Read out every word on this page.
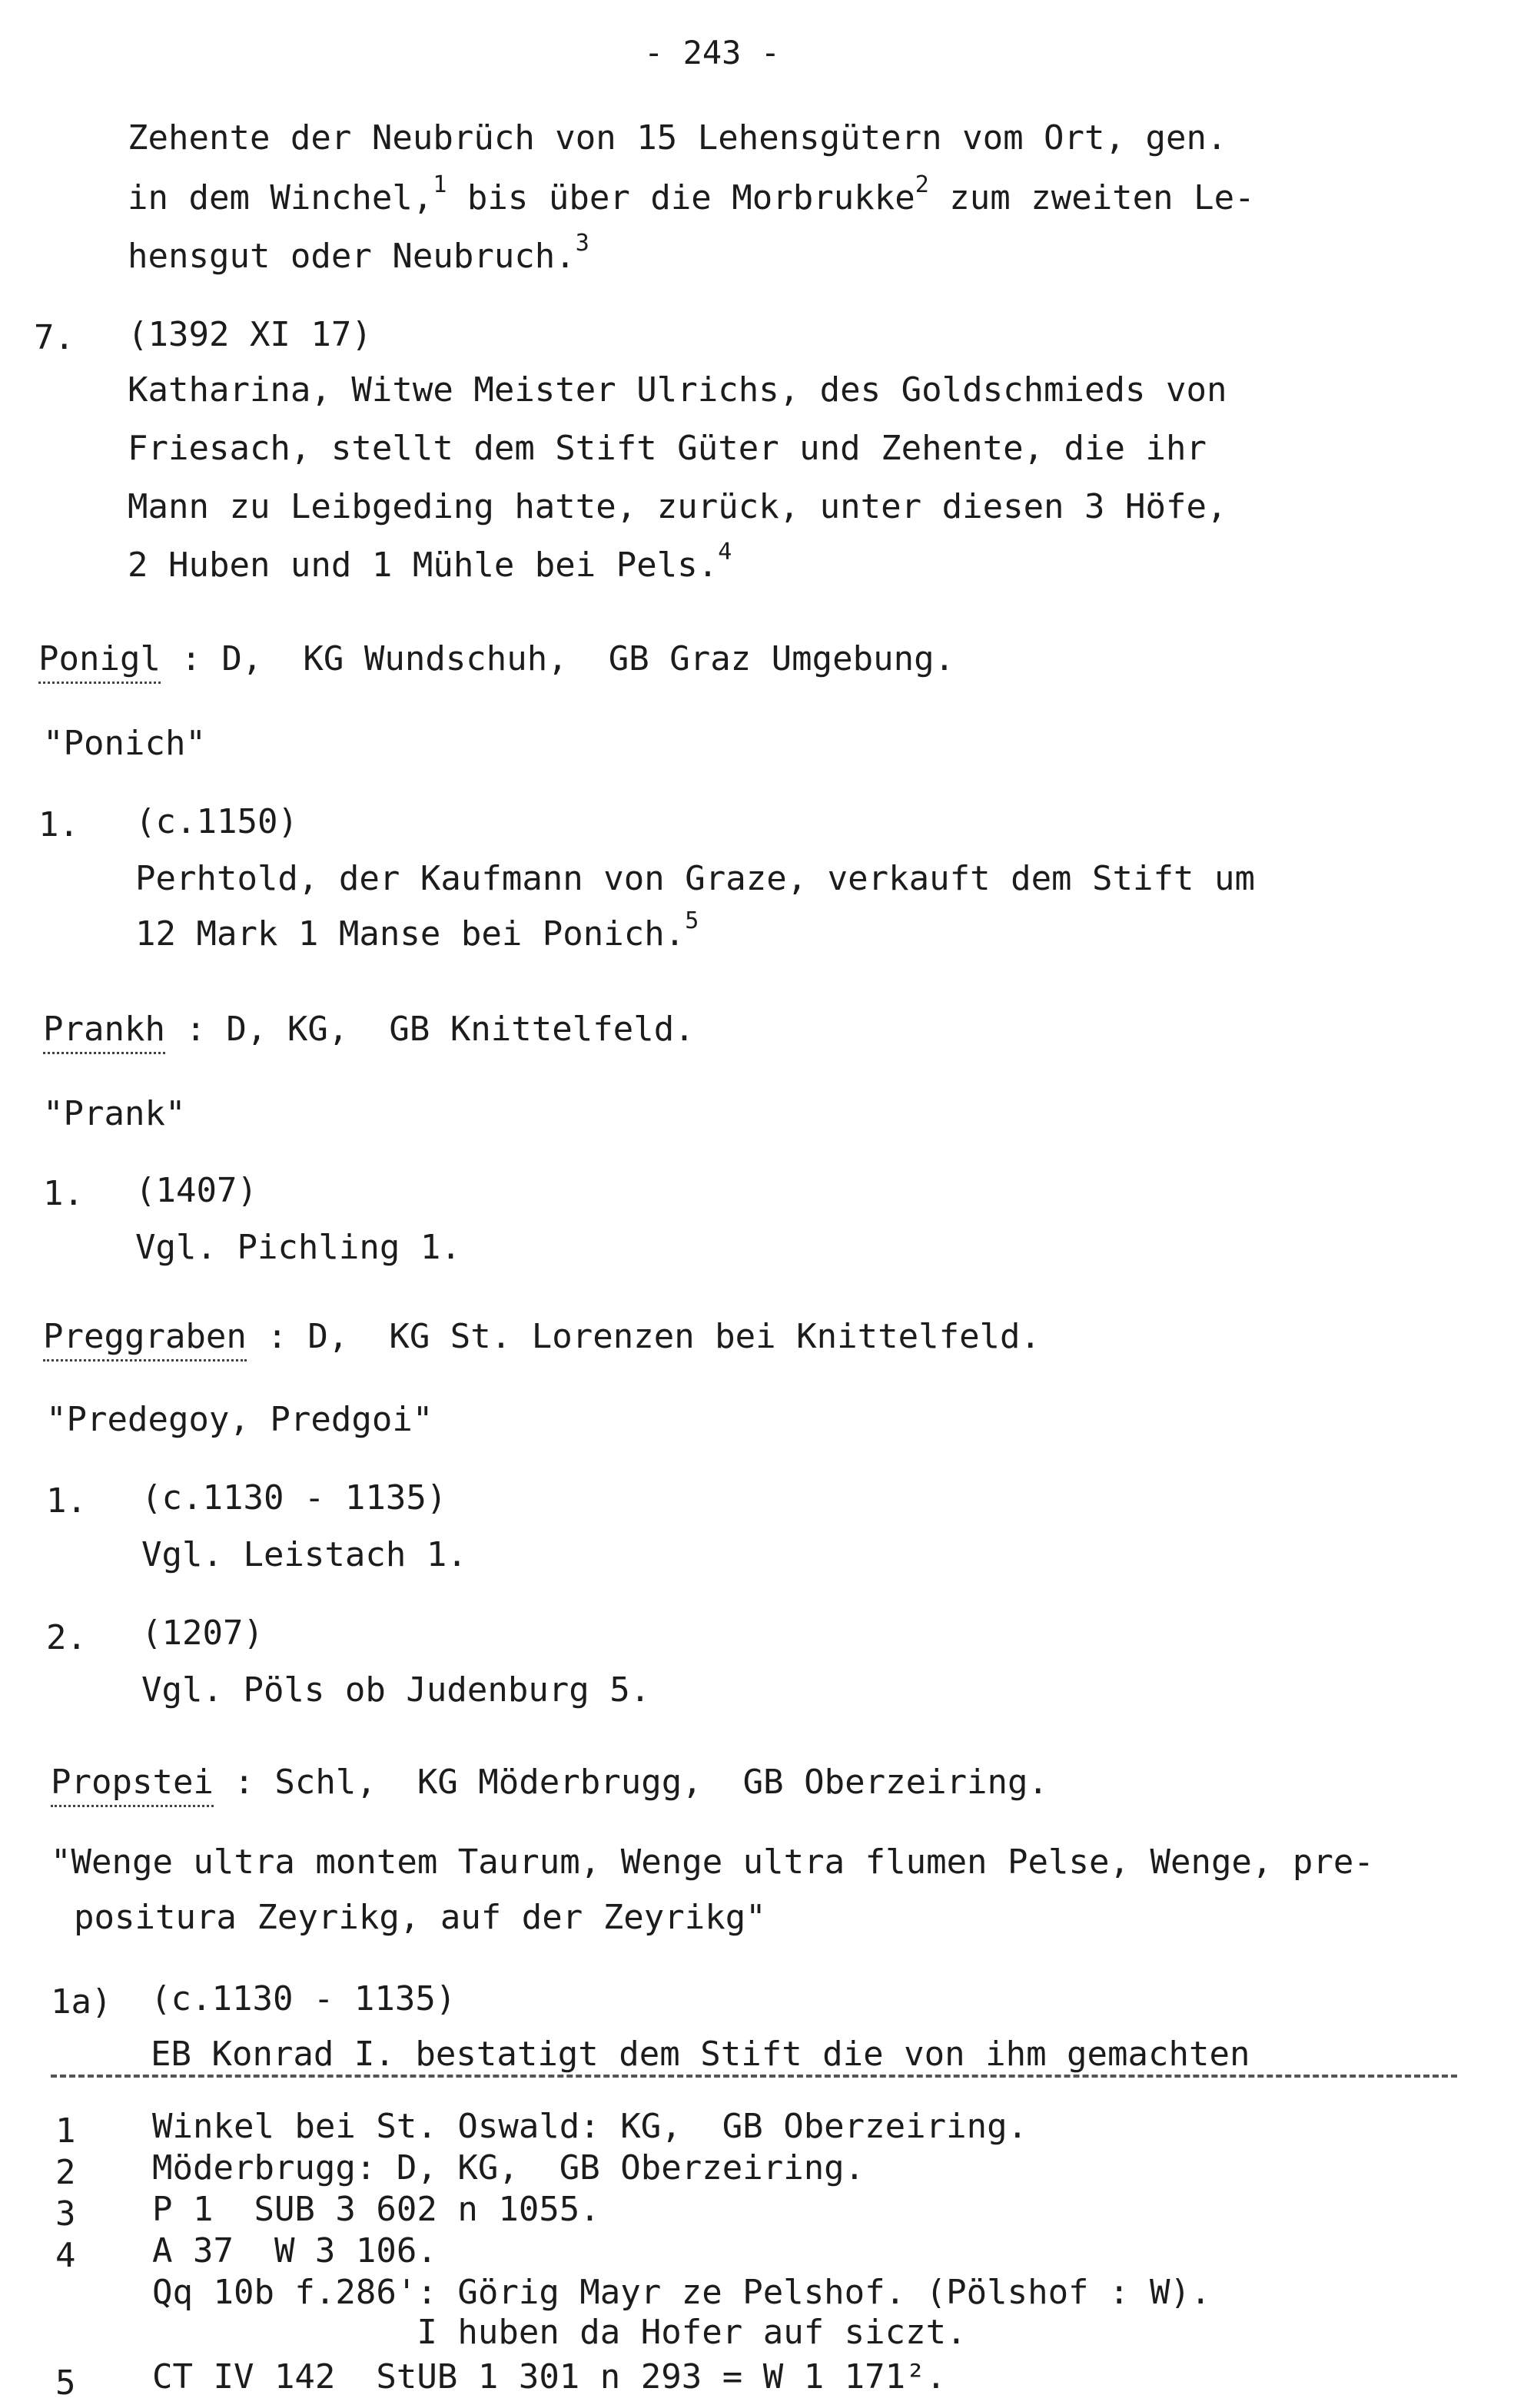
- 243 -
Zehente der Neubrüch von 15 Lehensgütern vom Ort, gen.
in dem Winchel,$^1$ bis über die Morbrukke$^2$ zum zweiten Le-
hensgut oder Neubruch.$^3$
7. (1392 XI 17)
Katharina, Witwe Meister Ulrichs, des Goldschmieds von
Friesach, stellt dem Stift Güter und Zehente, die ihr
Mann zu Leibgeding hatte, zurück, unter diesen 3 Höfe,
2 Huben und 1 Mühle bei Pels.$^4$
Ponigl : D,  KG Wundschuh,  GB Graz Umgebung.
"Ponich"
1. (c.1150)
Perhtold, der Kaufmann von Graze, verkauft dem Stift um
12 Mark 1 Manse bei Ponich.$^5$
Prankh : D, KG,  GB Knittelfeld.
"Prank"
1. (1407)
Vgl. Pichling 1.
Preggraben : D,  KG St. Lorenzen bei Knittelfeld.
"Predegoy, Predgoi"
1. (c.1130 - 1135)
Vgl. Leistach 1.
2. (1207)
Vgl. Pöls ob Judenburg 5.
Propstei : Schl,  KG Möderbrugg,  GB Oberzeiring.
"Wenge ultra montem Taurum, Wenge ultra flumen Pelse, Wenge, pre-
positura Zeyrikg, auf der Zeyrikg"
1a) (c.1130 - 1135)
EB Konrad I. bestatigt dem Stift die von ihm gemachten
1 Winkel bei St. Oswald: KG,  GB Oberzeiring.
2 Möderbrugg: D, KG,  GB Oberzeiring.
3 P 1  SUB 3 602 n 1055.
4 A 37  W 3 106.
Qq 10b f.286': Görig Mayr ze Pelshof. (Pölshof : W).
I huben da Hofer auf siczt.
5 CT IV 142  StUB 1 301 n 293 = W 1 171².
